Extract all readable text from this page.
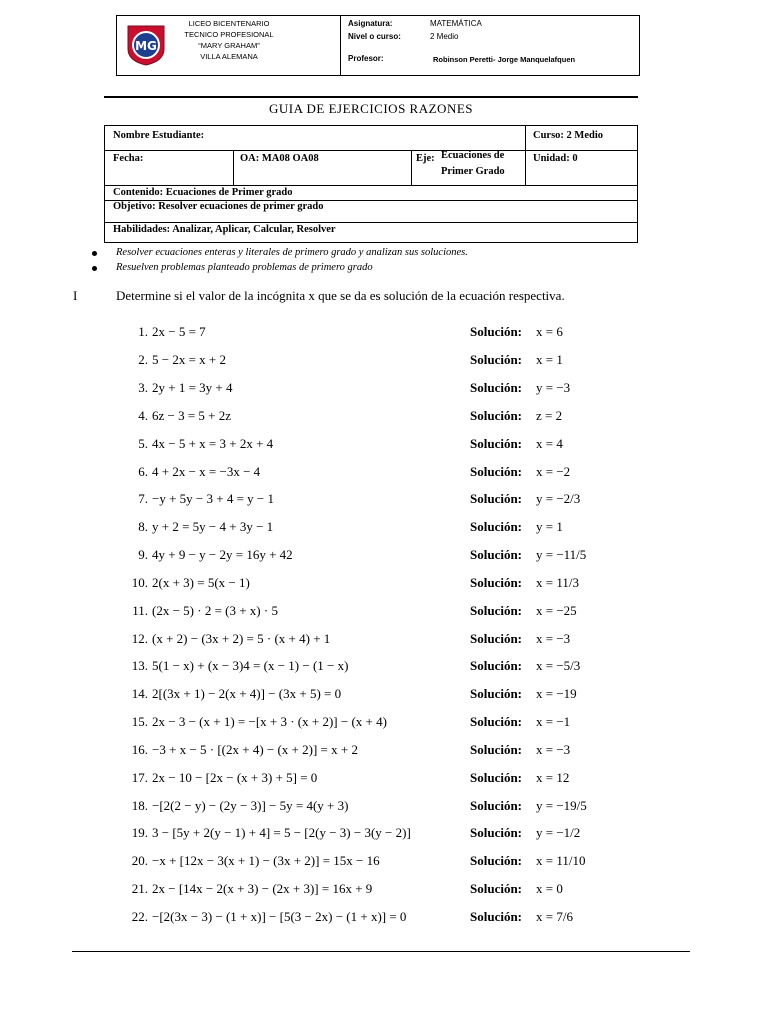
MG
LICEO BICENTENARIO
TECNICO PROFESIONAL
“MARY GRAHAM”
VILLA ALEMANA
Asignatura:	MATEMÁTICA
Nivel o curso:	2 Medio
Profesor:	Robinson Peretti- Jorge Manquelafquen
GUIA DE EJERCICIOS RAZONES
Nombre Estudiante:	Curso: 2 Medio
Fecha:	OA: MA08 OA08	Eje: Ecuaciones de
Primer Grado
Unidad: 0
Contenido: Ecuaciones de Primer grado
Objetivo: Resolver ecuaciones de primer grado
Habilidades: Analizar, Aplicar, Calcular, Resolver
Resolver ecuaciones enteras y literales de primero grado y analizan sus soluciones.
Resuelven problemas planteado problemas de primero grado
I	Determine si el valor de la incógnita x que se da es solución de la ecuación respectiva.
1. 2x − 5 = 7	Solución: x = 6
2. 5 − 2x = x + 2	Solución: x = 1
3. 2y + 1 = 3y + 4	Solución: y = −3
4. 6z − 3 = 5 + 2z	Solución: z = 2
5. 4x − 5 + x = 3 + 2x + 4	Solución: x = 4
6. 4 + 2x − x = −3x − 4	Solución: x = −2
7. −y + 5y − 3 + 4 = y − 1	Solución: y = −2/3
8. y + 2 = 5y − 4 + 3y − 1	Solución: y = 1
9. 4y + 9 − y − 2y = 16y + 42	Solución: y = −11/5
10. 2(x + 3) = 5(x − 1)	Solución: x = 11/3
11. (2x − 5) · 2 = (3 + x) · 5	Solución: x = −25
12. (x + 2) − (3x + 2) = 5 · (x + 4) + 1	Solución: x = −3
13. 5(1 − x) + (x − 3)4 = (x − 1) − (1 − x)	Solución: x = −5/3
14. 2[(3x + 1) − 2(x + 4)] − (3x + 5) = 0	Solución: x = −19
15. 2x − 3 − (x + 1) = −[x + 3 · (x + 2)] − (x + 4)	Solución: x = −1
16. −3 + x − 5 · [(2x + 4) − (x + 2)] = x + 2	Solución: x = −3
17. 2x − 10 − [2x − (x + 3) + 5] = 0	Solución: x = 12
18. −[2(2 − y) − (2y − 3)] − 5y = 4(y + 3)	Solución: y = −19/5
19. 3 − [5y + 2(y − 1) + 4] = 5 − [2(y − 3) − 3(y − 2)]	Solución: y = −1/2
20. −x + [12x − 3(x + 1) − (3x + 2)] = 15x − 16	Solución: x = 11/10
21. 2x − [14x − 2(x + 3) − (2x + 3)] = 16x + 9	Solución: x = 0
22. −[2(3x − 3) − (1 + x)] − [5(3 − 2x) − (1 + x)] = 0	Solución: x = 7/6
